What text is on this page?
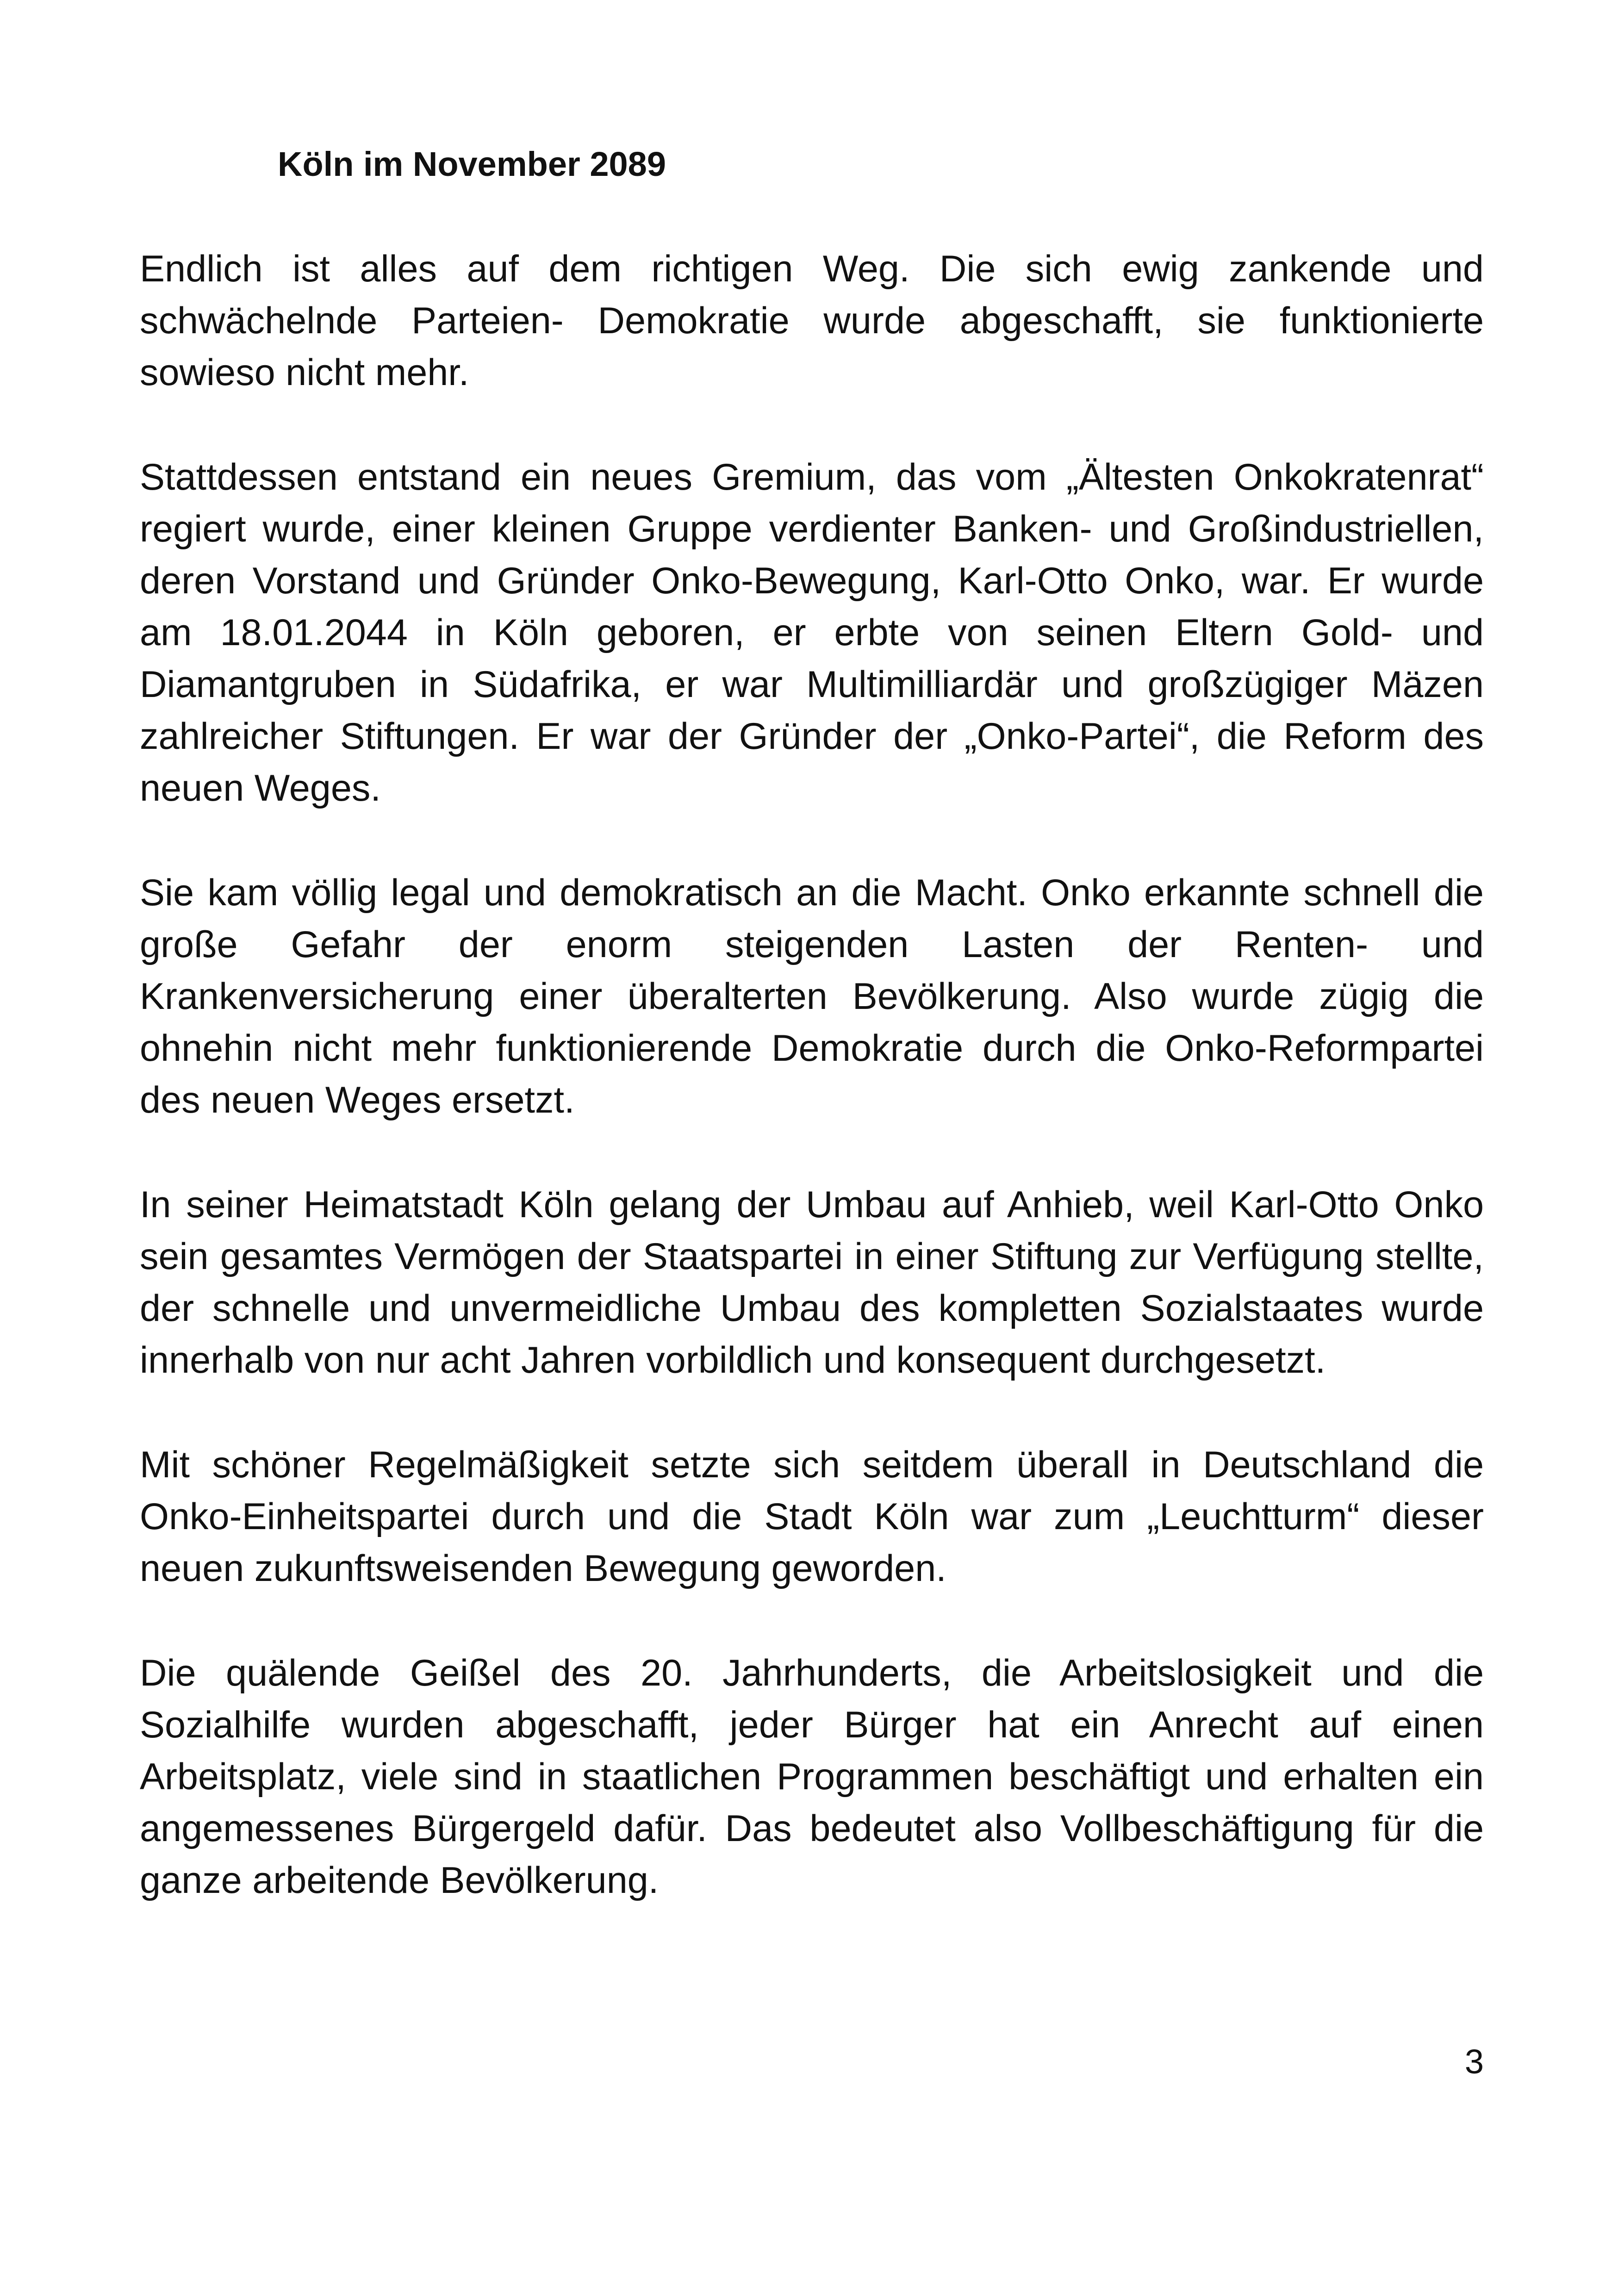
Köln im November 2089

Endlich ist alles auf dem richtigen Weg. Die sich ewig zankende und schwächelnde Parteien- Demokratie wurde abgeschafft, sie funktionierte sowieso nicht mehr.

Stattdessen entstand ein neues Gremium, das vom „Ältesten Onkokratenrat“ regiert wurde, einer kleinen Gruppe verdienter Banken- und Großindustriellen, deren Vorstand und Gründer Onko-Bewegung, Karl-Otto Onko, war. Er wurde am 18.01.2044 in Köln geboren, er erbte von seinen Eltern Gold- und Diamantgruben in Südafrika, er war Multimilliardär und großzügiger Mäzen zahlreicher Stiftungen. Er war der Gründer der „Onko-Partei“, die Reform des neuen Weges.

Sie kam völlig legal und demokratisch an die Macht. Onko erkannte schnell die große Gefahr der enorm steigenden Lasten der Renten- und Krankenversicherung einer überalterten Bevölkerung. Also wurde zügig die ohnehin nicht mehr funktionierende Demokratie durch die Onko-Reformpartei des neuen Weges ersetzt.

In seiner Heimatstadt Köln gelang der Umbau auf Anhieb, weil Karl-Otto Onko sein gesamtes Vermögen der Staatspartei in einer Stiftung zur Verfügung stellte, der schnelle und unvermeidliche Umbau des kompletten Sozialstaates wurde innerhalb von nur acht Jahren vorbildlich und konsequent durchgesetzt.

Mit schöner Regelmäßigkeit setzte sich seitdem überall in Deutschland die Onko-Einheitspartei durch und die Stadt Köln war zum „Leuchtturm“ dieser neuen zukunftsweisenden Bewegung geworden.

Die quälende Geißel des 20. Jahrhunderts, die Arbeitslosigkeit und die Sozialhilfe wurden abgeschafft, jeder Bürger hat ein Anrecht auf einen Arbeitsplatz, viele sind in staatlichen Programmen beschäftigt und erhalten ein angemessenes Bürgergeld dafür. Das bedeutet also Vollbeschäftigung für die ganze arbeitende Bevölkerung.

3
